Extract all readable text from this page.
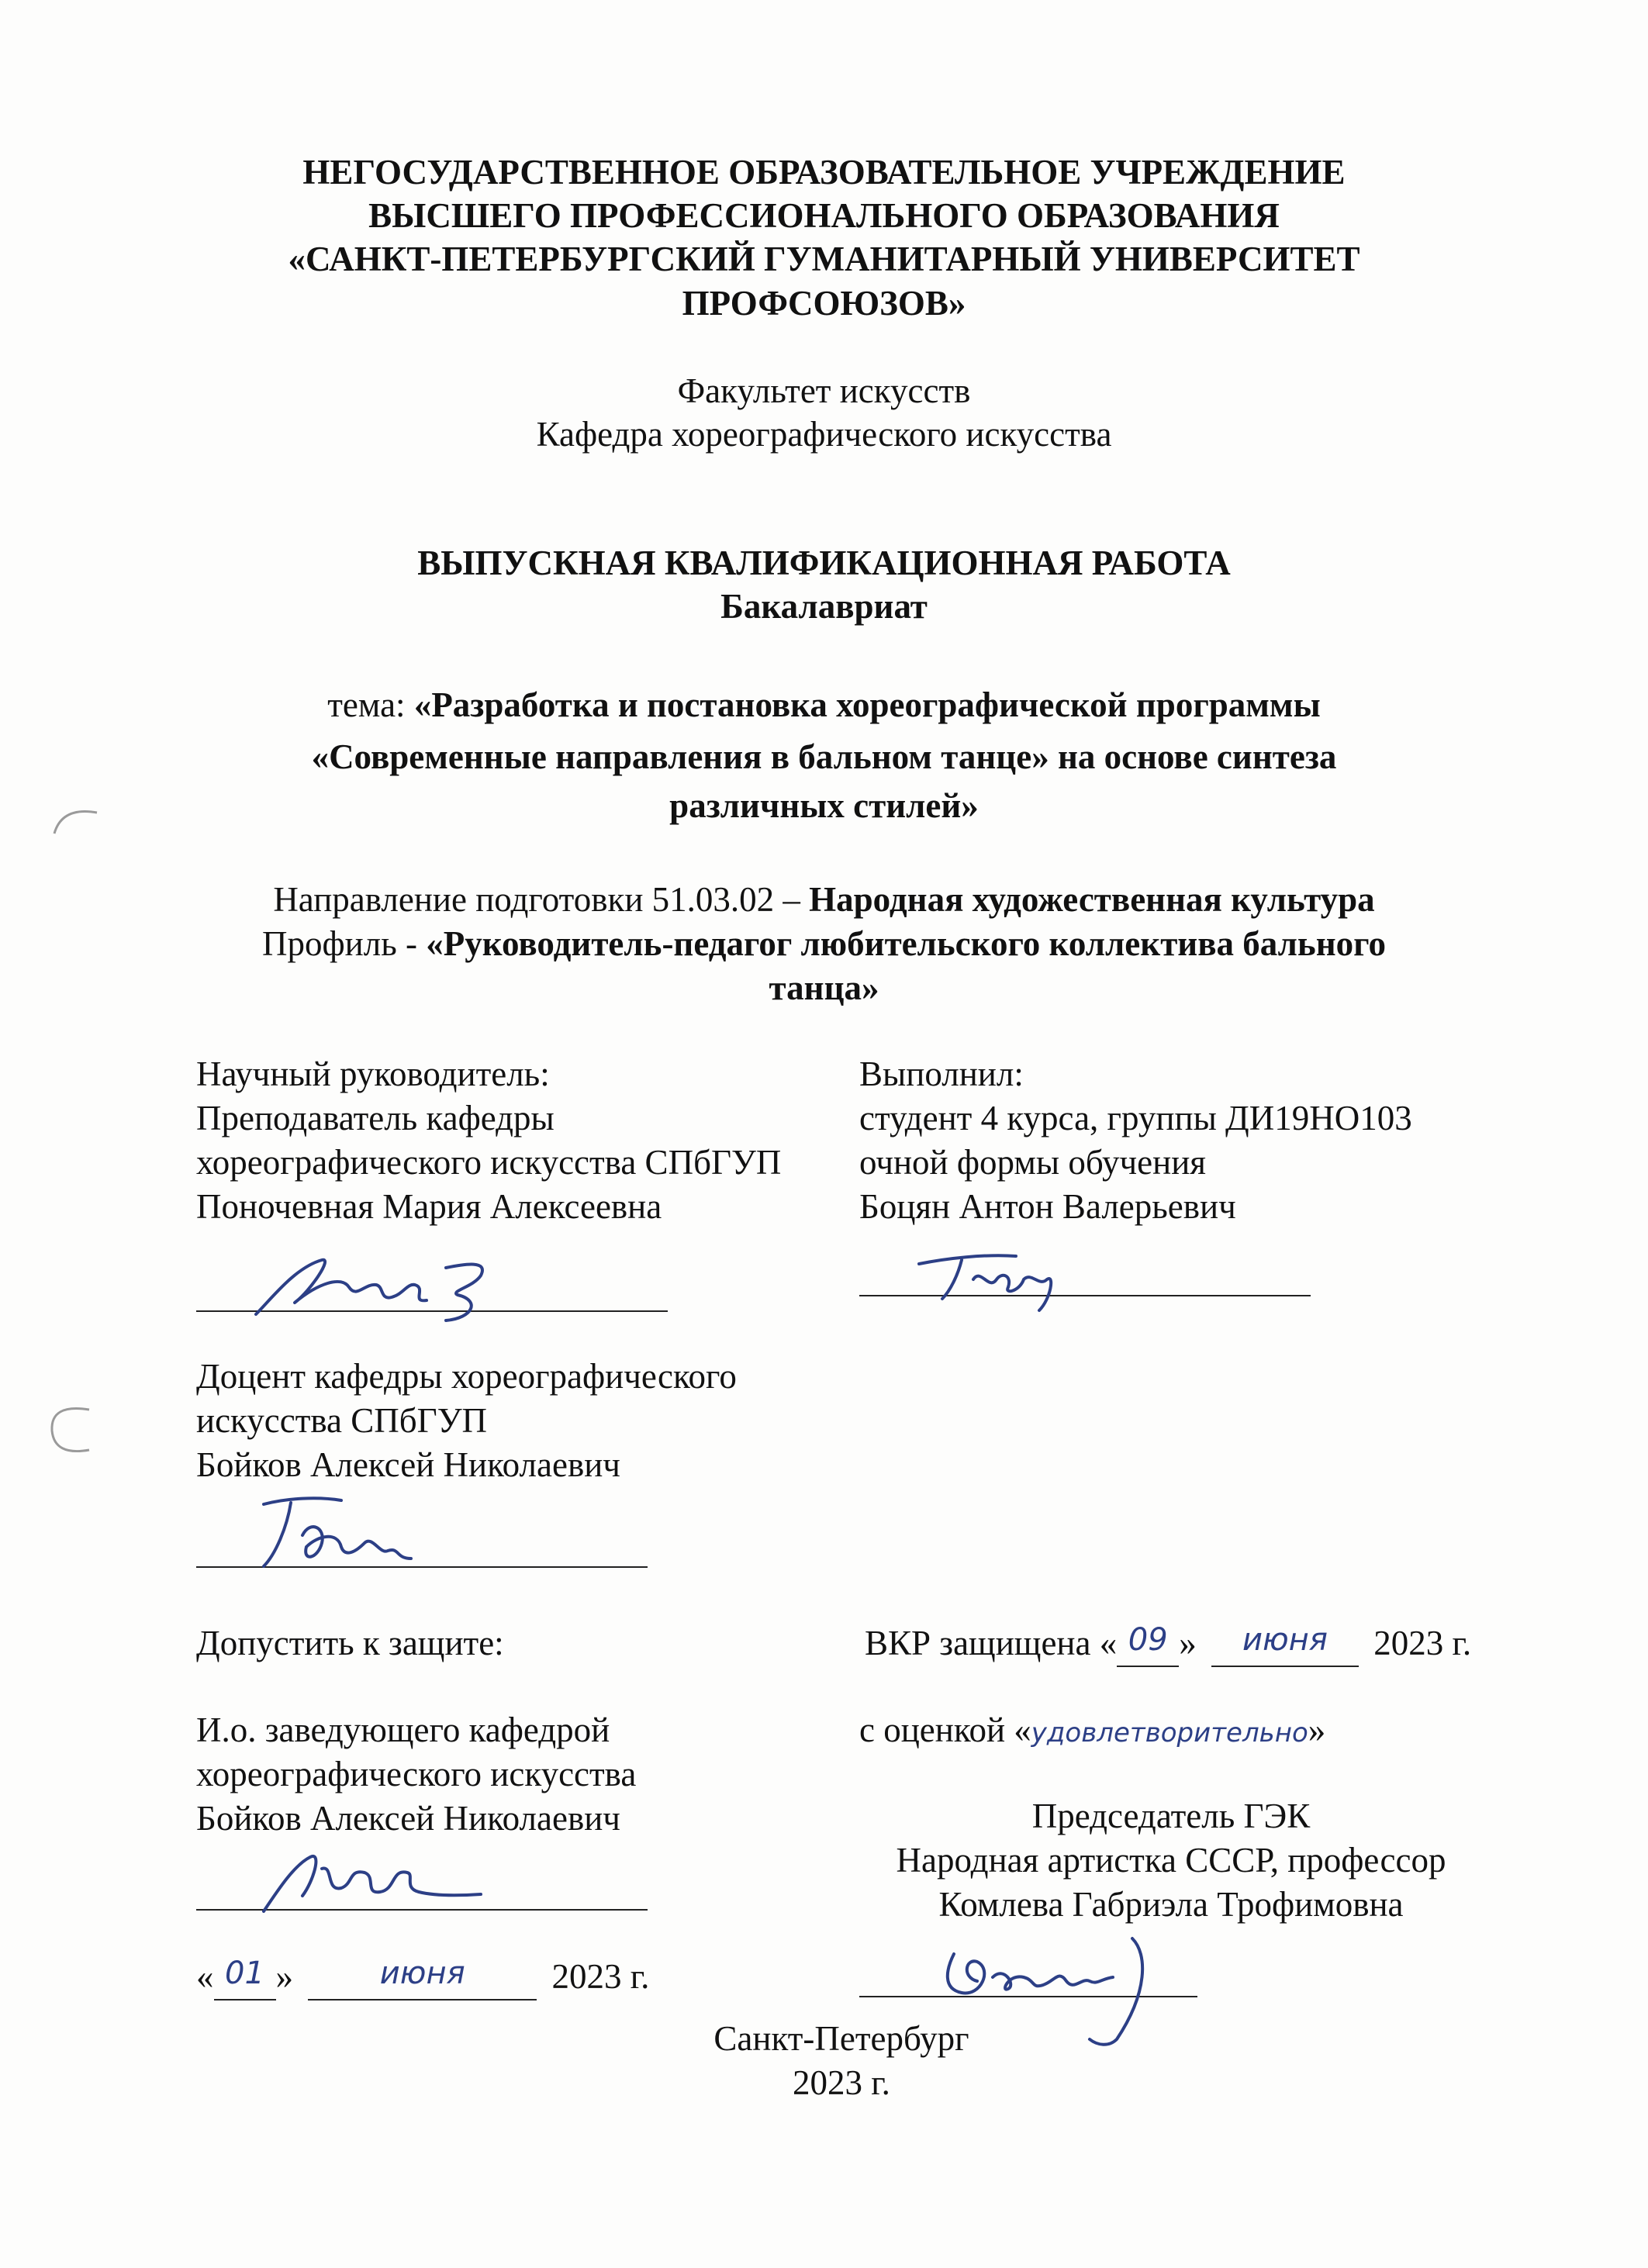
НЕГОСУДАРСТВЕННОЕ ОБРАЗОВАТЕЛЬНОЕ УЧРЕЖДЕНИЕ
ВЫСШЕГО ПРОФЕССИОНАЛЬНОГО ОБРАЗОВАНИЯ
«САНКТ-ПЕТЕРБУРГСКИЙ ГУМАНИТАРНЫЙ УНИВЕРСИТЕТ
ПРОФСОЮЗОВ»
Факультет искусств
Кафедра хореографического искусства
ВЫПУСКНАЯ КВАЛИФИКАЦИОННАЯ РАБОТА
Бакалавриат
тема: «Разработка и постановка хореографической программы
«Современные направления в бальном танце» на основе синтеза
различных стилей»
Направление подготовки 51.03.02 – Народная художественная культура
Профиль - «Руководитель-педагог любительского коллектива бального
танца»
Научный руководитель:
Преподаватель кафедры
хореографического искусства СПбГУП
Поночевная Мария Алексеевна
Выполнил:
студент 4 курса, группы ДИ19НО103
очной формы обучения
Боцян Антон Валерьевич
Доцент кафедры хореографического
искусства СПбГУП
Бойков Алексей Николаевич
Допустить к защите:
И.о. заведующего кафедрой
хореографического искусства
Бойков Алексей Николаевич
« 01 »	июня 2023 г.
ВКР защищена « 09 » июня 2023 г.
с оценкой «удовлетворительно»
Председатель ГЭК
Народная артистка СССР, профессор
Комлева Габриэла Трофимовна
Санкт-Петербург
2023 г.
